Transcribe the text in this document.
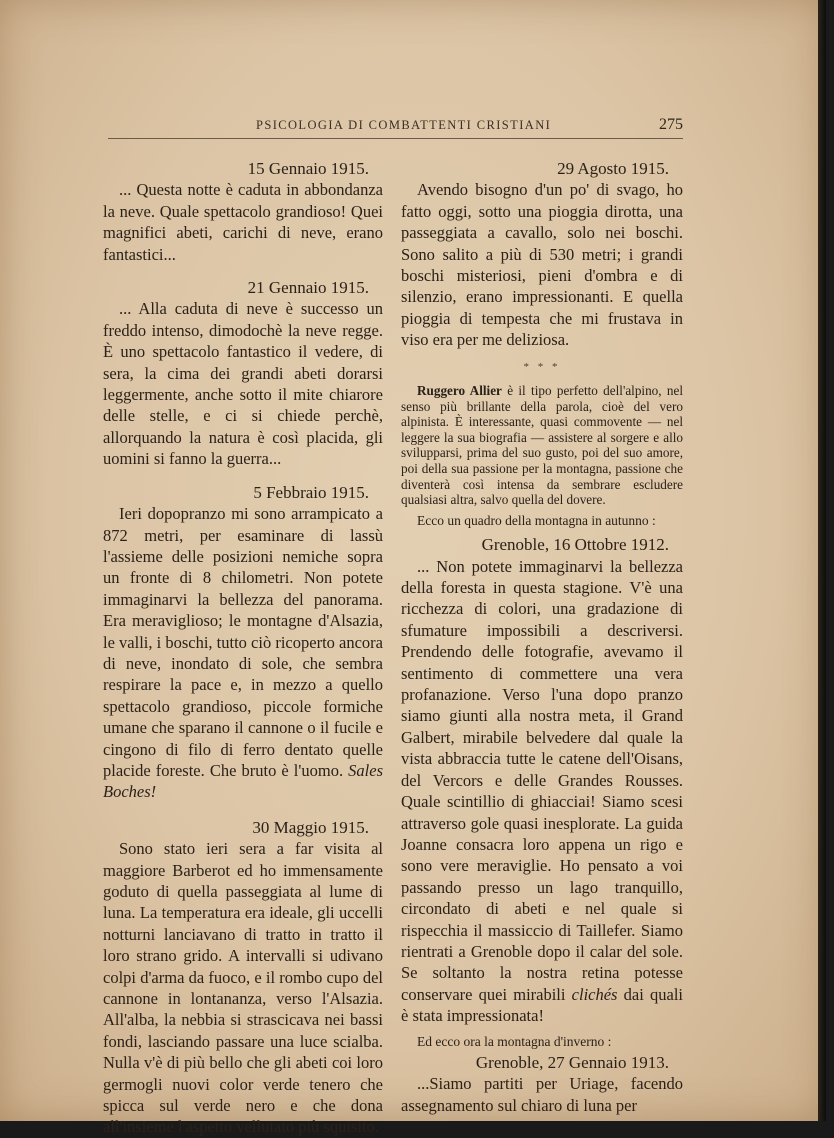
PSICOLOGIA DI COMBATTENTI CRISTIANI	275
15 Gennaio 1915.

... Questa notte è caduta in abbondanza la neve. Quale spettacolo grandioso! Quei magnifici abeti, carichi di neve, erano fantastici...

21 Gennaio 1915.

... Alla caduta di neve è successo un freddo intenso, dimodochè la neve regge. È uno spettacolo fantastico il vedere, di sera, la cima dei grandi abeti dorarsi leggermente, anche sotto il mite chiarore delle stelle, e ci si chiede perchè, allorquando la natura è così placida, gli uomini si fanno la guerra...

5 Febbraio 1915.

Ieri dopopranzo mi sono arrampicato a 872 metri, per esaminare di lassù l'assieme delle posizioni nemiche sopra un fronte di 8 chilometri. Non potete immaginarvi la bellezza del panorama. Era meraviglioso; le montagne d'Alsazia, le valli, i boschi, tutto ciò ricoperto ancora di neve, inondato di sole, che sembra respirare la pace e, in mezzo a quello spettacolo grandioso, piccole formiche umane che sparano il cannone o il fucile e cingono di filo di ferro dentato quelle placide foreste. Che bruto è l'uomo. Sales Boches!

30 Maggio 1915.

Sono stato ieri sera a far visita al maggiore Barberot ed ho immensamente goduto di quella passeggiata al lume di luna. La temperatura era ideale, gli uccelli notturni lanciavano di tratto in tratto il loro strano grido. A intervalli si udivano colpi d'arma da fuoco, e il rombo cupo del cannone in lontananza, verso l'Alsazia. All'alba, la nebbia si strascicava nei bassi fondi, lasciando passare una luce scialba. Nulla v'è di più bello che gli abeti coi loro germogli nuovi color verde tenero che spicca sul verde nero e che dona all'insieme l'aspetto vellutato più squisito.

29 Agosto 1915.

Avendo bisogno d'un po' di svago, ho fatto oggi, sotto una pioggia dirotta, una passeggiata a cavallo, solo nei boschi. Sono salito a più di 530 metri; i grandi boschi misteriosi, pieni d'ombra e di silenzio, erano impressionanti. E quella pioggia di tempesta che mi frustava in viso era per me deliziosa.

* * *

Ruggero Allier è il tipo perfetto dell'alpino, nel senso più brillante della parola, cioè del vero alpinista. È interessante, quasi commovente — nel leggere la sua biografia — assistere al sorgere e allo svilupparsi, prima del suo gusto, poi del suo amore, poi della sua passione per la montagna, passione che diventerà così intensa da sembrare escludere qualsiasi altra, salvo quella del dovere.

Ecco un quadro della montagna in autunno :

Grenoble, 16 Ottobre 1912.

... Non potete immaginarvi la bellezza della foresta in questa stagione. V'è una ricchezza di colori, una gradazione di sfumature impossibili a descriversi. Prendendo delle fotografie, avevamo il sentimento di commettere una vera profanazione. Verso l'una dopo pranzo siamo giunti alla nostra meta, il Grand Galbert, mirabile belvedere dal quale la vista abbraccia tutte le catene dell'Oisans, del Vercors e delle Grandes Rousses. Quale scintillio di ghiacciai! Siamo scesi attraverso gole quasi inesplorate. La guida Joanne consacra loro appena un rigo e sono vere meraviglie. Ho pensato a voi passando presso un lago tranquillo, circondato di abeti e nel quale si rispecchia il massiccio di Taillefer. Siamo rientrati a Grenoble dopo il calar del sole. Se soltanto la nostra retina potesse conservare quei mirabili clichés dai quali è stata impressionata!

Ed ecco ora la montagna d'inverno :

Grenoble, 27 Gennaio 1913.

...Siamo partiti per Uriage, facendo assegnamento sul chiaro di luna per
